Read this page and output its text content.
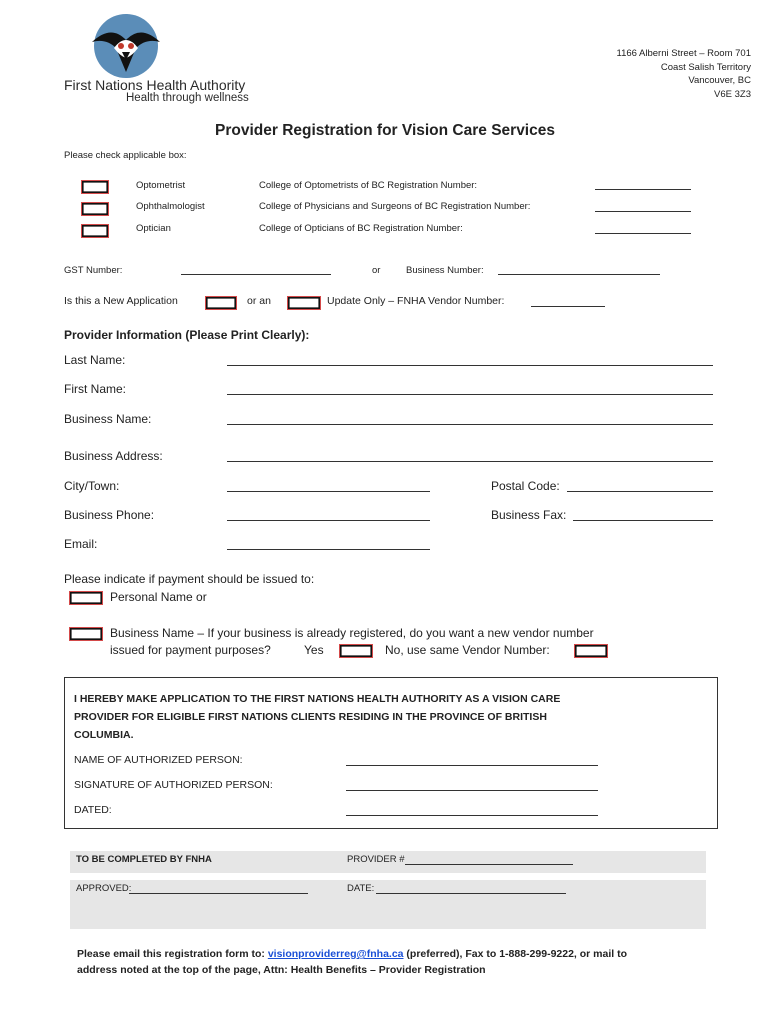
First Nations Health Authority
Health through wellness
1166 Alberni Street – Room 701
Coast Salish Territory
Vancouver, BC
V6E 3Z3
Provider Registration for Vision Care Services
Please check applicable box:
Optometrist	College of Optometrists of BC Registration Number:
Ophthalmologist	College of Physicians and Surgeons of BC Registration Number:
Optician	College of Opticians of BC Registration Number:
GST Number:	or	Business Number:
Is this a New Application	or an	Update Only – FNHA Vendor Number:
Provider Information (Please Print Clearly):
Last Name:
First Name:
Business Name:
Business Address:
City/Town:	Postal Code:
Business Phone:	Business Fax:
Email:
Please indicate if payment should be issued to:
Personal Name or
Business Name – If your business is already registered, do you want a new vendor number
issued for payment purposes?	Yes	No, use same Vendor Number:
I HEREBY MAKE APPLICATION TO THE FIRST NATIONS HEALTH AUTHORITY AS A VISION CARE
PROVIDER FOR ELIGIBLE FIRST NATIONS CLIENTS RESIDING IN THE PROVINCE OF BRITISH
COLUMBIA.
NAME OF AUTHORIZED PERSON:
SIGNATURE OF AUTHORIZED PERSON:
DATED:
TO BE COMPLETED BY FNHA	PROVIDER #
APPROVED:	DATE:
Please email this registration form to: visionproviderreg@fnha.ca (preferred), Fax to 1-888-299-9222, or mail to
address noted at the top of the page, Attn: Health Benefits – Provider Registration
